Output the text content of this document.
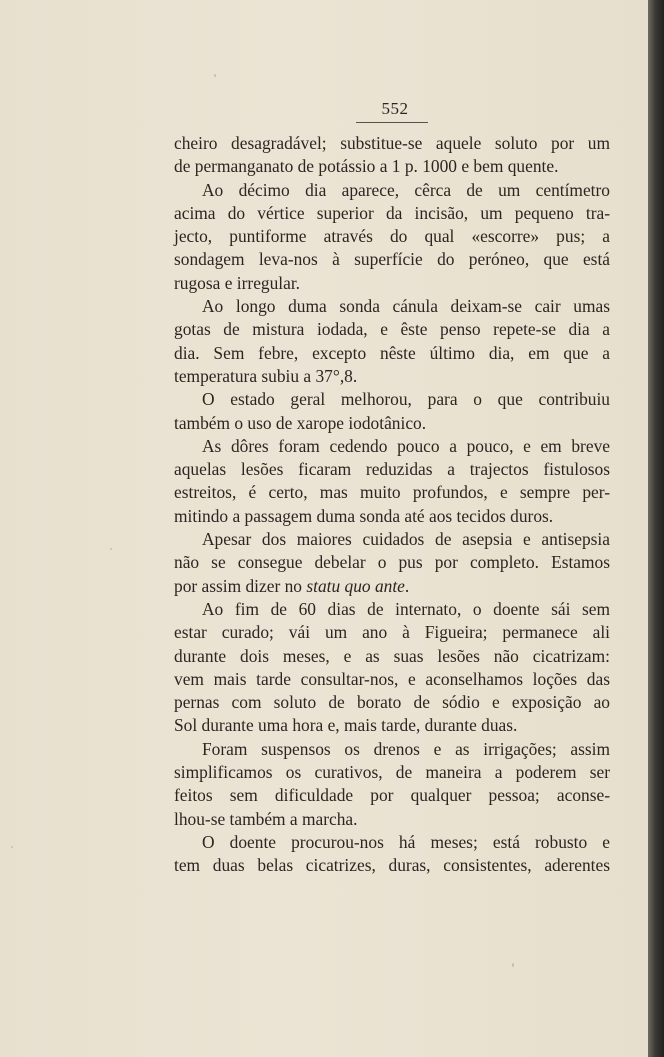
552
cheiro desagradável; substitue-se aquele soluto por um
de permanganato de potássio a 1 p. 1000 e bem quente.
Ao décimo dia aparece, cêrca de um centímetro
acima do vértice superior da incisão, um pequeno tra-
jecto, puntiforme através do qual «escorre» pus; a
sondagem leva-nos à superfície do peróneo, que está
rugosa e irregular.
Ao longo duma sonda cánula deixam-se cair umas
gotas de mistura iodada, e êste penso repete-se dia a
dia. Sem febre, excepto nêste último dia, em que a
temperatura subiu a 37°,8.
O estado geral melhorou, para o que contribuiu
também o uso de xarope iodotânico.
As dôres foram cedendo pouco a pouco, e em breve
aquelas lesões ficaram reduzidas a trajectos fistulosos
estreitos, é certo, mas muito profundos, e sempre per-
mitindo a passagem duma sonda até aos tecidos duros.
Apesar dos maiores cuidados de asepsia e antisepsia
não se consegue debelar o pus por completo. Estamos
por assim dizer no statu quo ante.
Ao fim de 60 dias de internato, o doente sái sem
estar curado; vái um ano à Figueira; permanece ali
durante dois meses, e as suas lesões não cicatrizam:
vem mais tarde consultar-nos, e aconselhamos loções das
pernas com soluto de borato de sódio e exposição ao
Sol durante uma hora e, mais tarde, durante duas.
Foram suspensos os drenos e as irrigações; assim
simplificamos os curativos, de maneira a poderem ser
feitos sem dificuldade por qualquer pessoa; aconse-
lhou-se também a marcha.
O doente procurou-nos há meses; está robusto e
tem duas belas cicatrizes, duras, consistentes, aderentes
